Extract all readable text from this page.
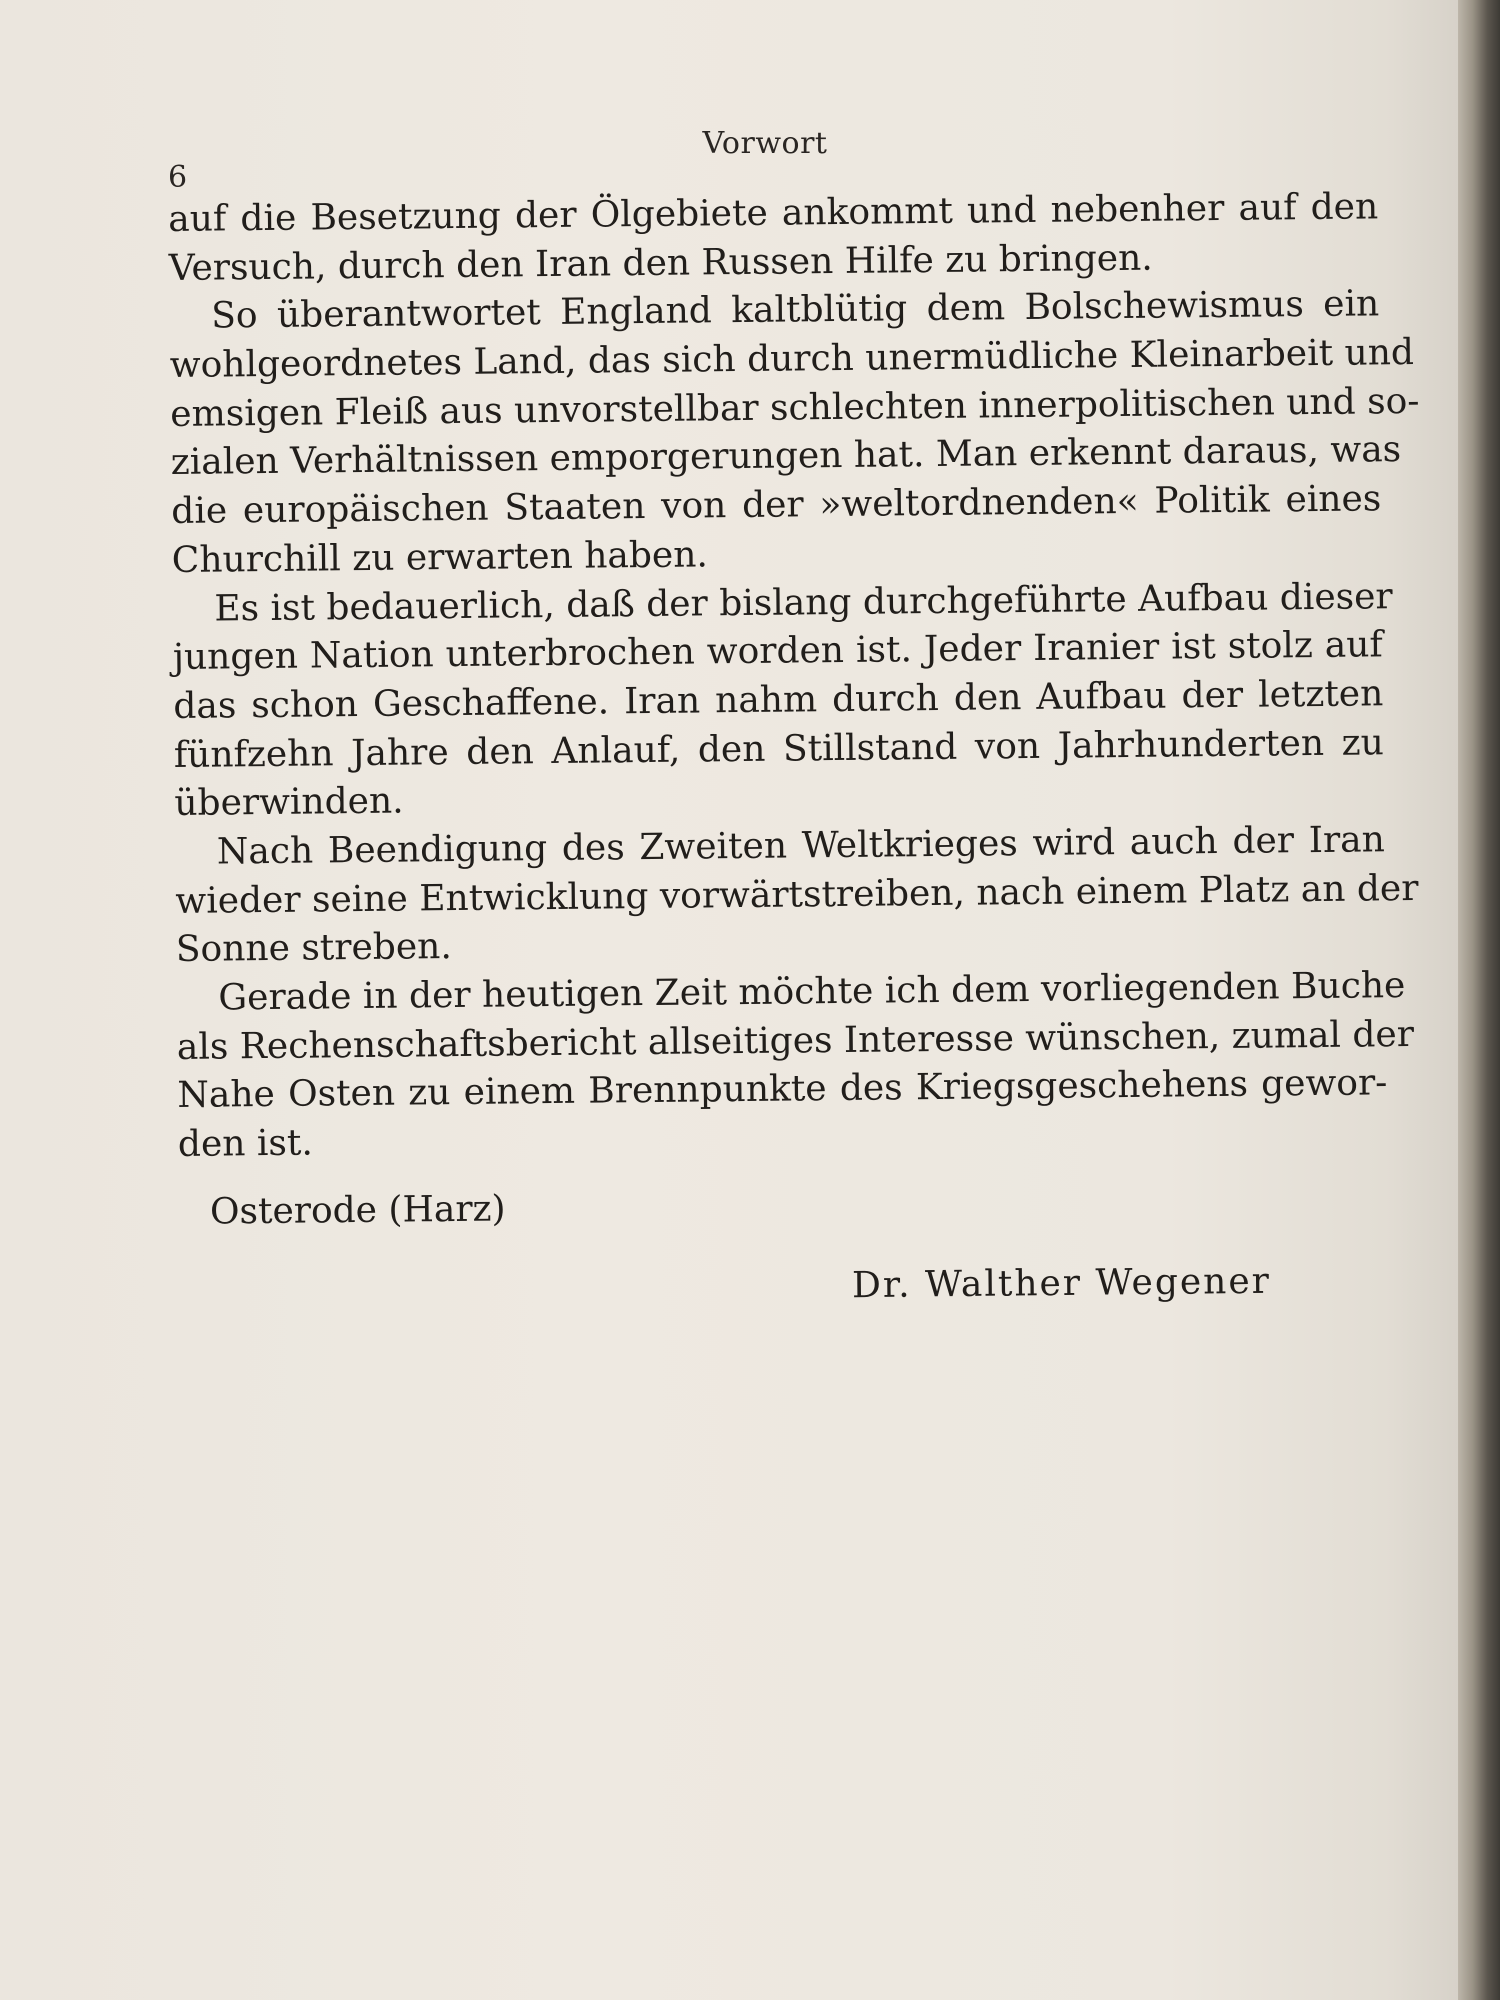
6
Vorwort
auf die Besetzung der Ölgebiete ankommt und nebenher auf den
Versuch, durch den Iran den Russen Hilfe zu bringen.
So überantwortet England kaltblütig dem Bolschewismus ein
wohlgeordnetes Land, das sich durch unermüdliche Kleinarbeit und
emsigen Fleiß aus unvorstellbar schlechten innerpolitischen und so-
zialen Verhältnissen emporgerungen hat. Man erkennt daraus, was
die europäischen Staaten von der »weltordnenden« Politik eines
Churchill zu erwarten haben.
Es ist bedauerlich, daß der bislang durchgeführte Aufbau dieser
jungen Nation unterbrochen worden ist. Jeder Iranier ist stolz auf
das schon Geschaffene. Iran nahm durch den Aufbau der letzten
fünfzehn Jahre den Anlauf, den Stillstand von Jahrhunderten zu
überwinden.
Nach Beendigung des Zweiten Weltkrieges wird auch der Iran
wieder seine Entwicklung vorwärtstreiben, nach einem Platz an der
Sonne streben.
Gerade in der heutigen Zeit möchte ich dem vorliegenden Buche
als Rechenschaftsbericht allseitiges Interesse wünschen, zumal der
Nahe Osten zu einem Brennpunkte des Kriegsgeschehens gewor-
den ist.
Osterode (Harz)
Dr. Walther Wegener
